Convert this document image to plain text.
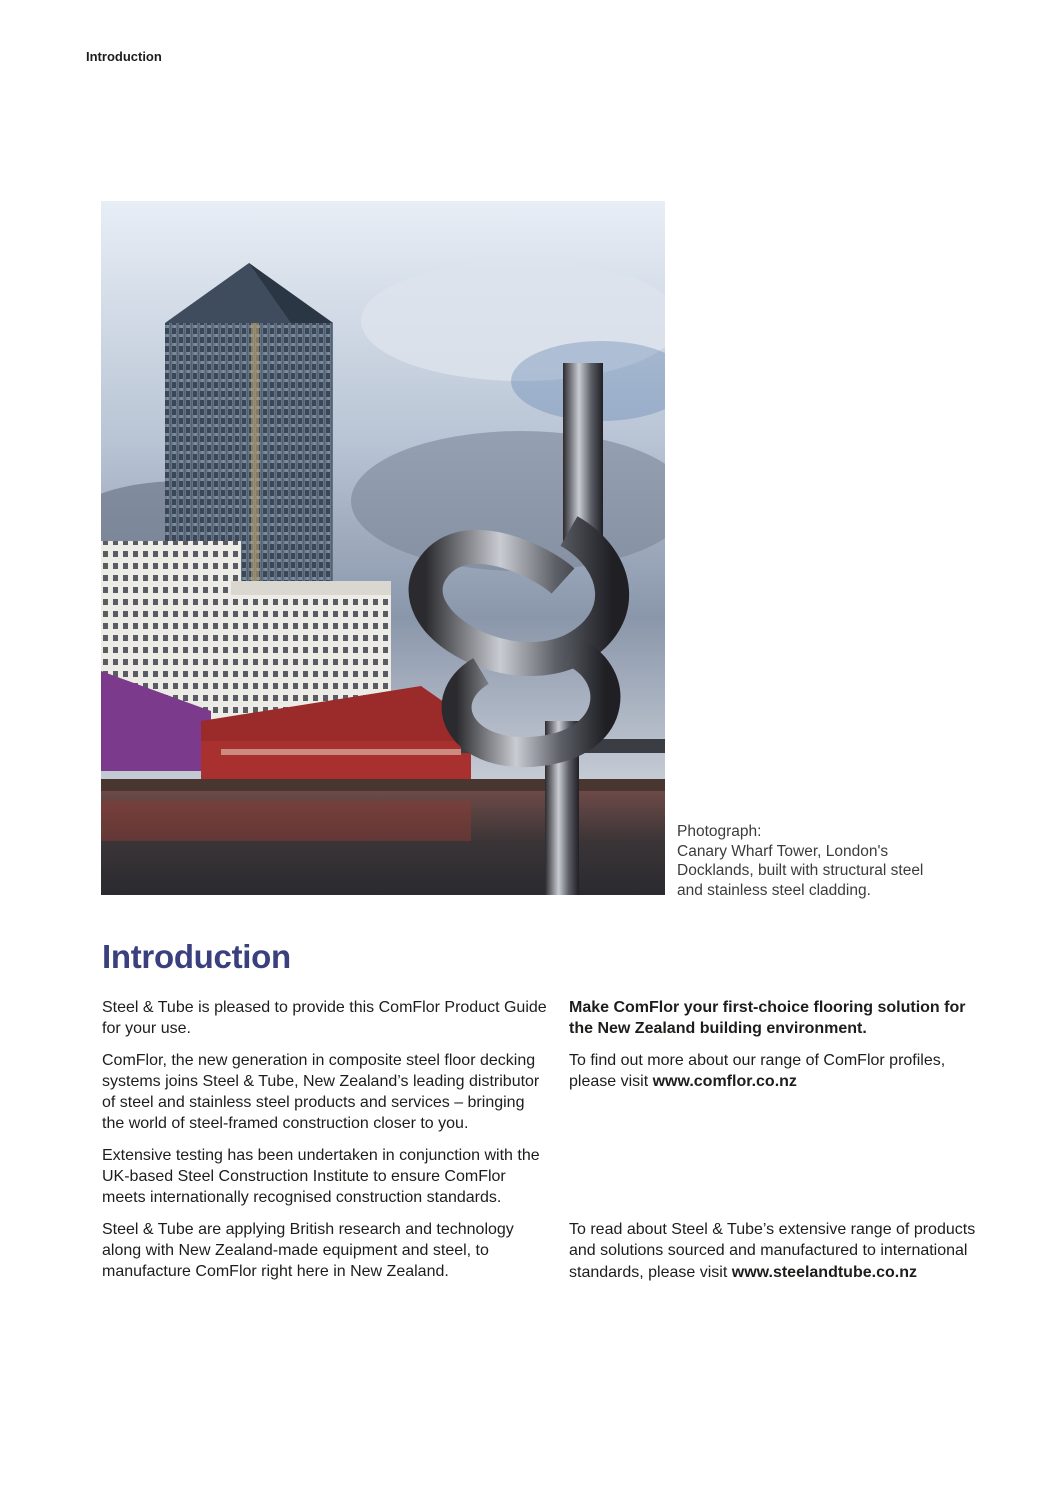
Introduction
Photograph:
Canary Wharf Tower, London's
Docklands, built with structural steel
and stainless steel cladding.
Introduction

Steel & Tube is pleased to provide this ComFlor Product Guide for your use.

ComFlor, the new generation in composite steel floor decking systems joins Steel & Tube, New Zealand’s leading distributor of steel and stainless steel products and services – bringing the world of steel-framed construction closer to you.

Extensive testing has been undertaken in conjunction with the UK-based Steel Construction Institute to ensure ComFlor meets internationally recognised construction standards.

Steel & Tube are applying British research and technology along with New Zealand-made equipment and steel, to manufacture ComFlor right here in New Zealand.

Make ComFlor your first-choice flooring solution for the New Zealand building environment.

To find out more about our range of ComFlor profiles, please visit www.comflor.co.nz

To read about Steel & Tube’s extensive range of products and solutions sourced and manufactured to international standards, please visit www.steelandtube.co.nz
